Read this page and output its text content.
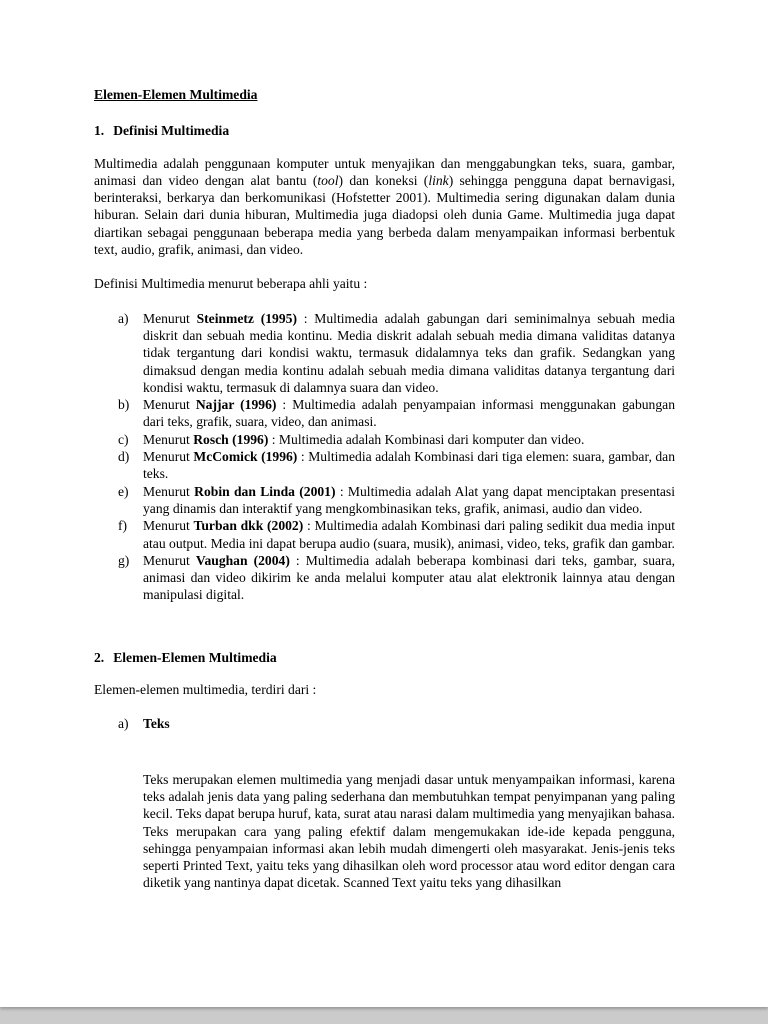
Elemen-Elemen Multimedia
1. Definisi Multimedia

Multimedia adalah penggunaan komputer untuk menyajikan dan menggabungkan teks, suara, gambar, animasi dan video dengan alat bantu (tool) dan koneksi (link) sehingga pengguna dapat bernavigasi, berinteraksi, berkarya dan berkomunikasi (Hofstetter 2001). Multimedia sering digunakan dalam dunia hiburan. Selain dari dunia hiburan, Multimedia juga diadopsi oleh dunia Game. Multimedia juga dapat diartikan sebagai penggunaan beberapa media yang berbeda dalam menyampaikan informasi berbentuk text, audio, grafik, animasi, dan video.

Definisi Multimedia menurut beberapa ahli yaitu :

a) Menurut Steinmetz (1995) : Multimedia adalah gabungan dari seminimalnya sebuah media diskrit dan sebuah media kontinu. Media diskrit adalah sebuah media dimana validitas datanya tidak tergantung dari kondisi waktu, termasuk didalamnya teks dan grafik. Sedangkan yang dimaksud dengan media kontinu adalah sebuah media dimana validitas datanya tergantung dari kondisi waktu, termasuk di dalamnya suara dan video.
b) Menurut Najjar (1996) : Multimedia adalah penyampaian informasi menggunakan gabungan dari teks, grafik, suara, video, dan animasi.
c) Menurut Rosch (1996) : Multimedia adalah Kombinasi dari komputer dan video.
d) Menurut McComick (1996) : Multimedia adalah Kombinasi dari tiga elemen: suara, gambar, dan teks.
e) Menurut Robin dan Linda (2001) : Multimedia adalah Alat yang dapat menciptakan presentasi yang dinamis dan interaktif yang mengkombinasikan teks, grafik, animasi, audio dan video.
f) Menurut Turban dkk (2002) : Multimedia adalah Kombinasi dari paling sedikit dua media input atau output. Media ini dapat berupa audio (suara, musik), animasi, video, teks, grafik dan gambar.
g) Menurut Vaughan (2004) : Multimedia adalah beberapa kombinasi dari teks, gambar, suara, animasi dan video dikirim ke anda melalui komputer atau alat elektronik lainnya atau dengan manipulasi digital.
2. Elemen-Elemen Multimedia

Elemen-elemen multimedia, terdiri dari :

a) Teks

Teks merupakan elemen multimedia yang menjadi dasar untuk menyampaikan informasi, karena teks adalah jenis data yang paling sederhana dan membutuhkan tempat penyimpanan yang paling kecil. Teks dapat berupa huruf, kata, surat atau narasi dalam multimedia yang menyajikan bahasa. Teks merupakan cara yang paling efektif dalam mengemukakan ide-ide kepada pengguna, sehingga penyampaian informasi akan lebih mudah dimengerti oleh masyarakat. Jenis-jenis teks seperti Printed Text, yaitu teks yang dihasilkan oleh word processor atau word editor dengan cara diketik yang nantinya dapat dicetak. Scanned Text yaitu teks yang dihasilkan
